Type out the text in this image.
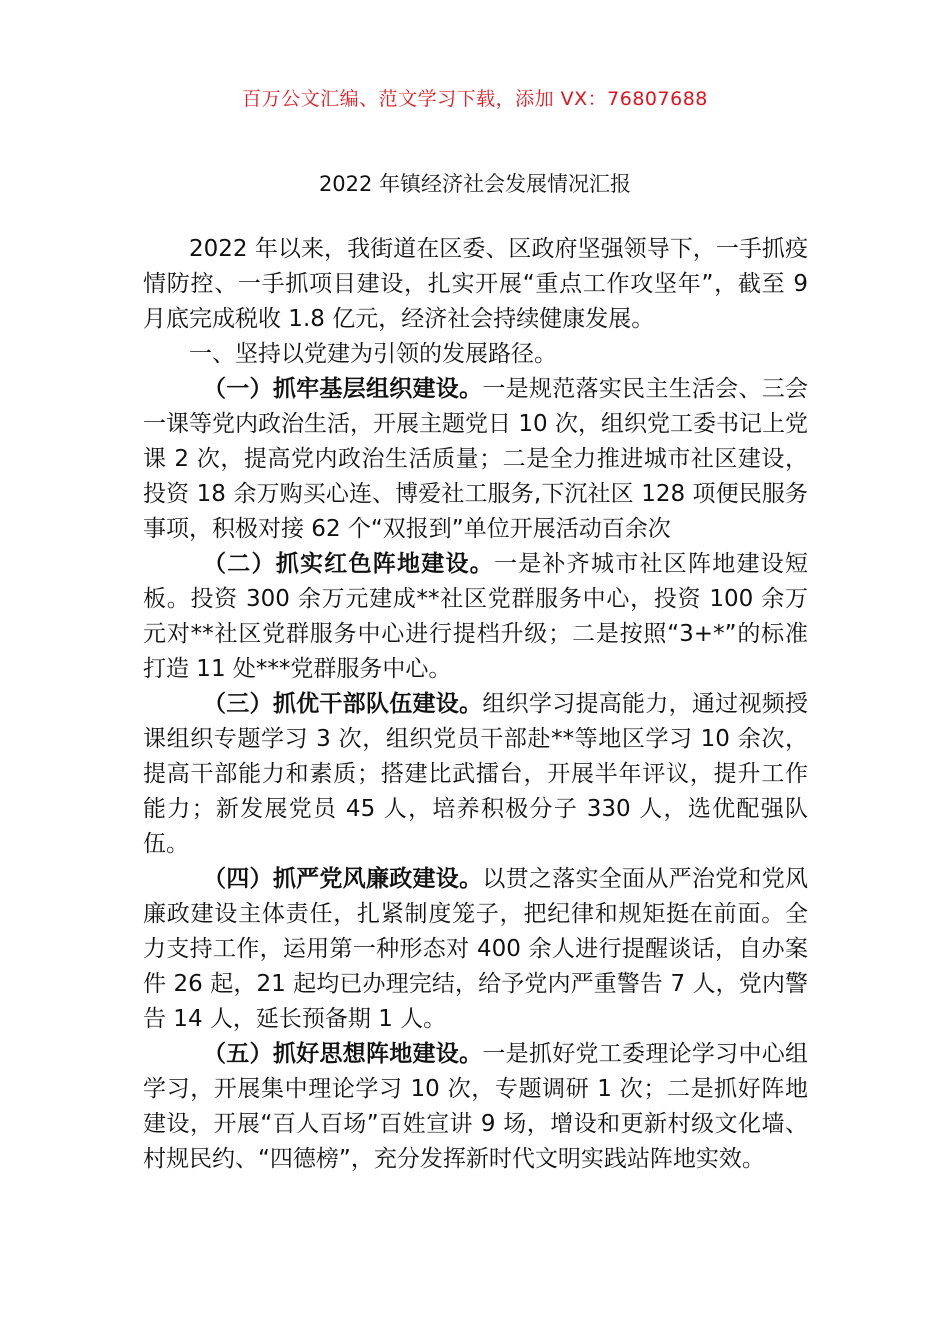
百万公文汇编、范文学习下载，添加 VX：76807688
2022 年镇经济社会发展情况汇报

2022 年以来，我街道在区委、区政府坚强领导下，一手抓疫情防控、一手抓项目建设，扎实开展“重点工作攻坚年”，截至 9 月底完成税收 1.8 亿元，经济社会持续健康发展。

一、坚持以党建为引领的发展路径。

（一）抓牢基层组织建设。一是规范落实民主生活会、三会一课等党内政治生活，开展主题党日 10 次，组织党工委书记上党课 2 次，提高党内政治生活质量；二是全力推进城市社区建设，投资 18 余万购买心连、博爱社工服务,下沉社区 128 项便民服务事项，积极对接 62 个“双报到”单位开展活动百余次

（二）抓实红色阵地建设。一是补齐城市社区阵地建设短板。投资 300 余万元建成**社区党群服务中心，投资 100 余万元对**社区党群服务中心进行提档升级；二是按照“3+*”的标准打造 11 处***党群服务中心。

（三）抓优干部队伍建设。组织学习提高能力，通过视频授课组织专题学习 3 次，组织党员干部赴**等地区学习 10 余次，提高干部能力和素质；搭建比武擂台，开展半年评议，提升工作能力；新发展党员 45 人，培养积极分子 330 人，选优配强队伍。

（四）抓严党风廉政建设。以贯之落实全面从严治党和党风廉政建设主体责任，扎紧制度笼子，把纪律和规矩挺在前面。全力支持工作，运用第一种形态对 400 余人进行提醒谈话，自办案件 26 起，21 起均已办理完结，给予党内严重警告 7 人，党内警告 14 人，延长预备期 1 人。

（五）抓好思想阵地建设。一是抓好党工委理论学习中心组学习，开展集中理论学习 10 次，专题调研 1 次；二是抓好阵地建设，开展“百人百场”百姓宣讲 9 场，增设和更新村级文化墙、村规民约、“四德榜”，充分发挥新时代文明实践站阵地实效。
